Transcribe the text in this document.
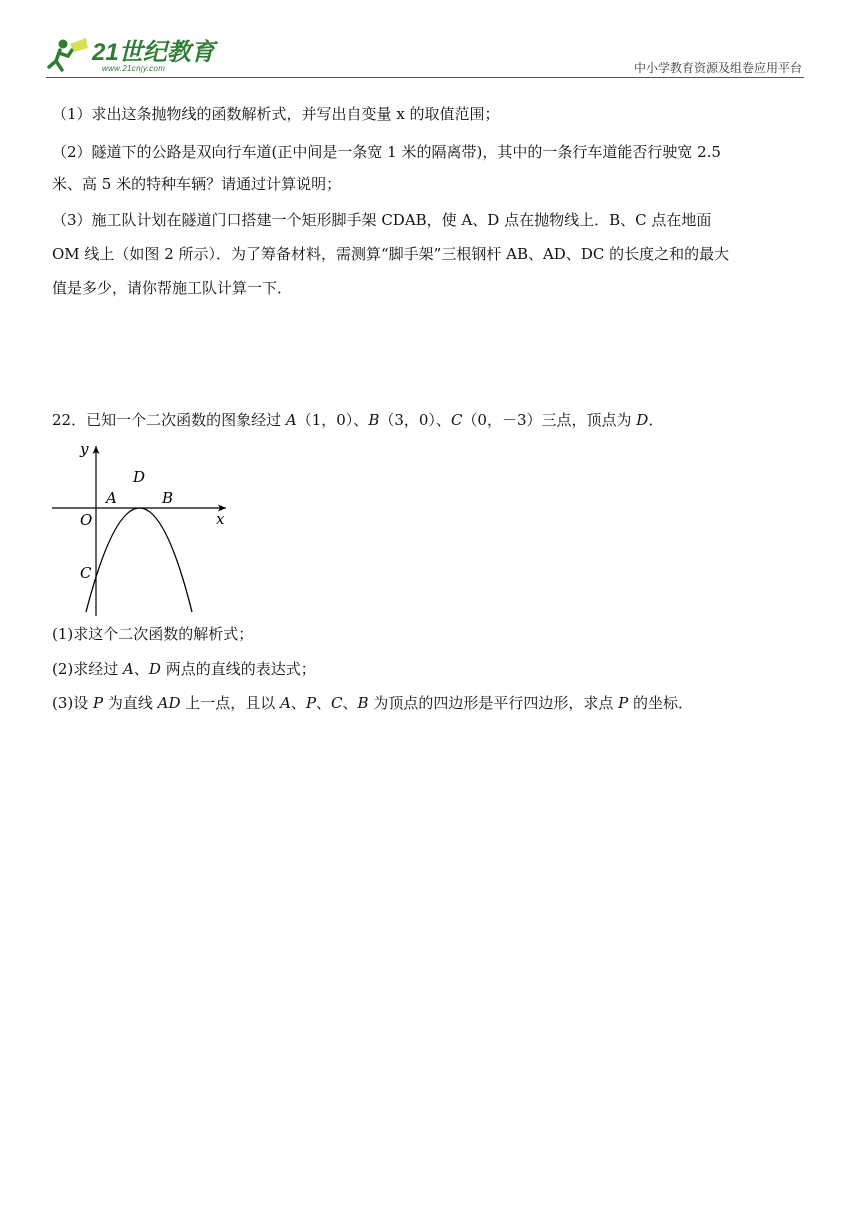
21世纪教育
www.21cnjy.com	中小学教育资源及组卷应用平台
（1）求出这条抛物线的函数解析式，并写出自变量 x 的取值范围；
（2）隧道下的公路是双向行车道(正中间是一条宽 1 米的隔离带)，其中的一条行车道能否行驶宽 2.5
米、高 5 米的特种车辆？请通过计算说明；
（3）施工队计划在隧道门口搭建一个矩形脚手架 CDAB，使 A、D 点在抛物线上．B、C 点在地面
OM 线上（如图 2 所示）．为了筹备材料，需测算“脚手架”三根钢杆 AB、AD、DC 的长度之和的最大
值是多少，请你帮施工队计算一下．
22．已知一个二次函数的图象经过 A（1，0）、B（3，0）、C（0，－3）三点，顶点为 D．
y
x
O
A	B
C
D
(1)求这个二次函数的解析式；
(2)求经过 A、D 两点的直线的表达式；
(3)设 P 为直线 AD 上一点，且以 A、P、C、B 为顶点的四边形是平行四边形，求点 P 的坐标．
